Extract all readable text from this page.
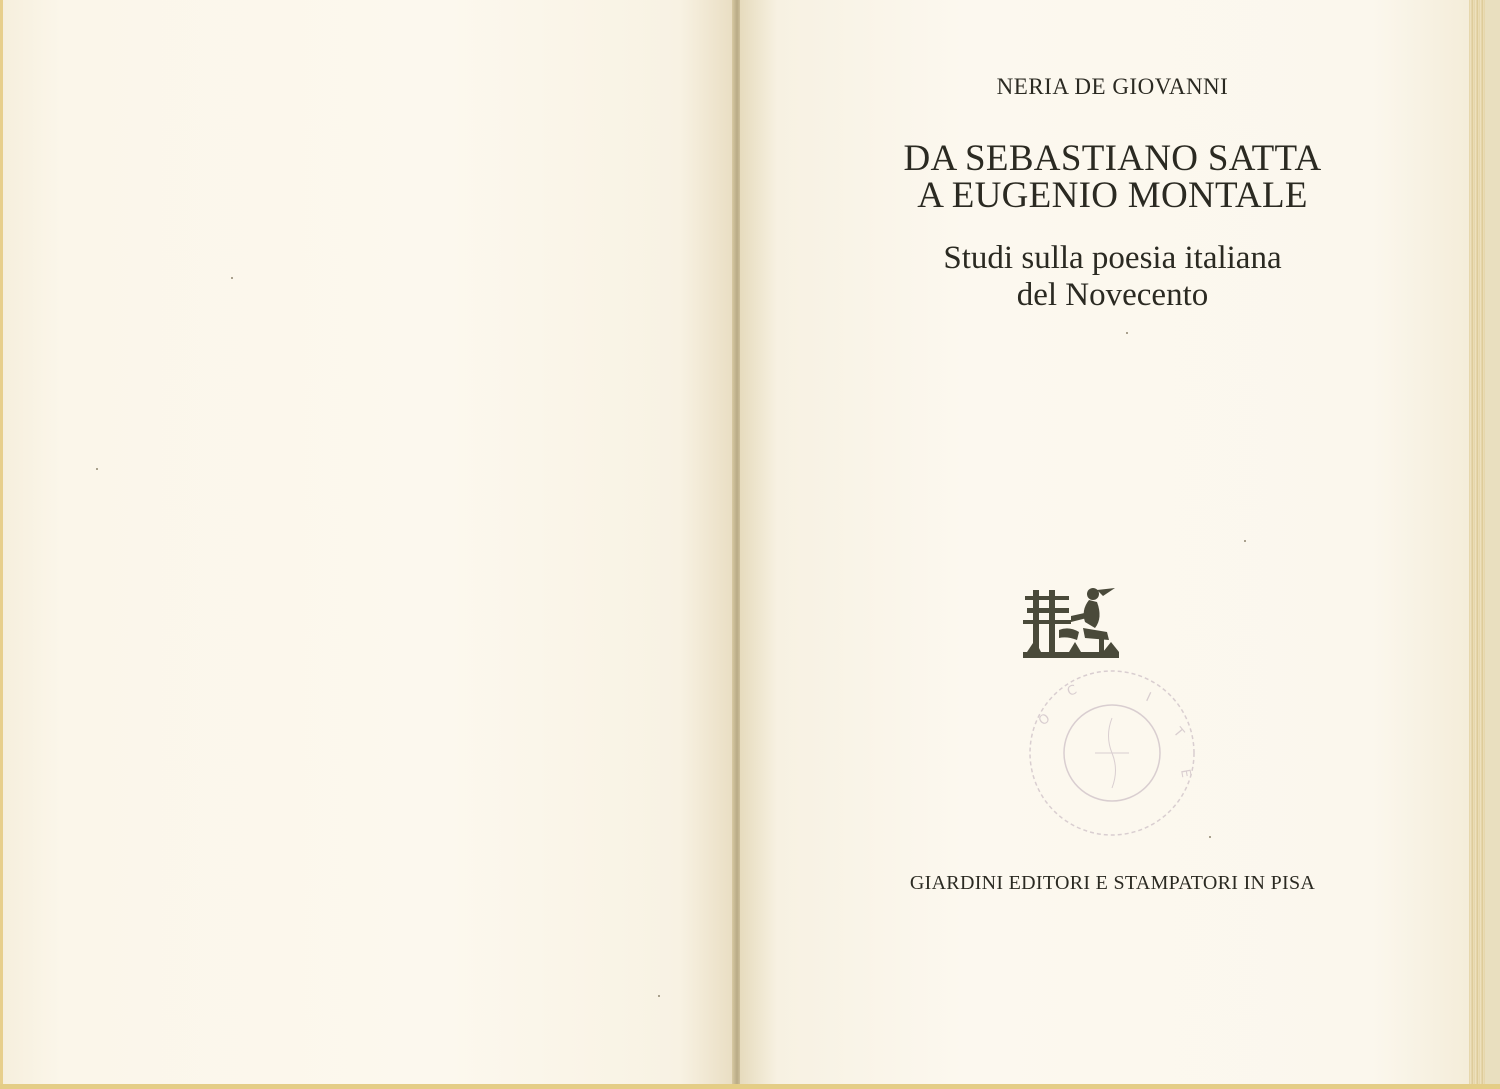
NERIA DE GIOVANNI
DA SEBASTIANO SATTA
A EUGENIO MONTALE
Studi sulla poesia italiana
del Novecento
O
C	I
T
E
GIARDINI EDITORI E STAMPATORI IN PISA
